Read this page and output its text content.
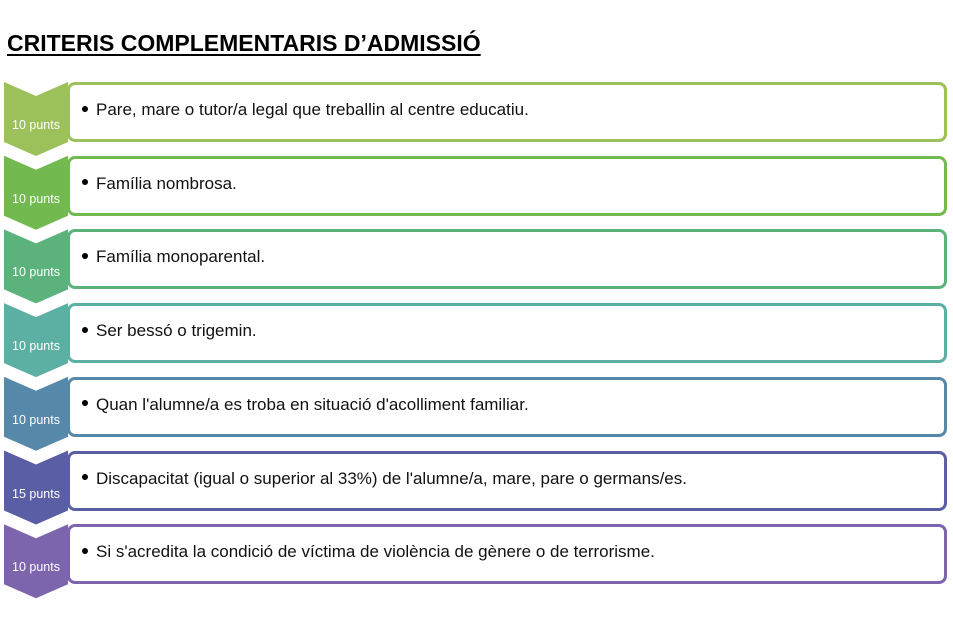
CRITERIS COMPLEMENTARIS D’ADMISSIÓ
10 punts
Pare, mare o tutor/a legal que treballin al centre educatiu.
10 punts
Família nombrosa.
10 punts
Família monoparental.
10 punts
Ser bessó o trigemin.
10 punts
Quan l'alumne/a es troba en situació d'acolliment familiar.
15 punts
Discapacitat (igual o superior al 33%) de l'alumne/a, mare, pare o germans/es.
10 punts
Si s'acredita la condició de víctima de violència de gènere o de terrorisme.
